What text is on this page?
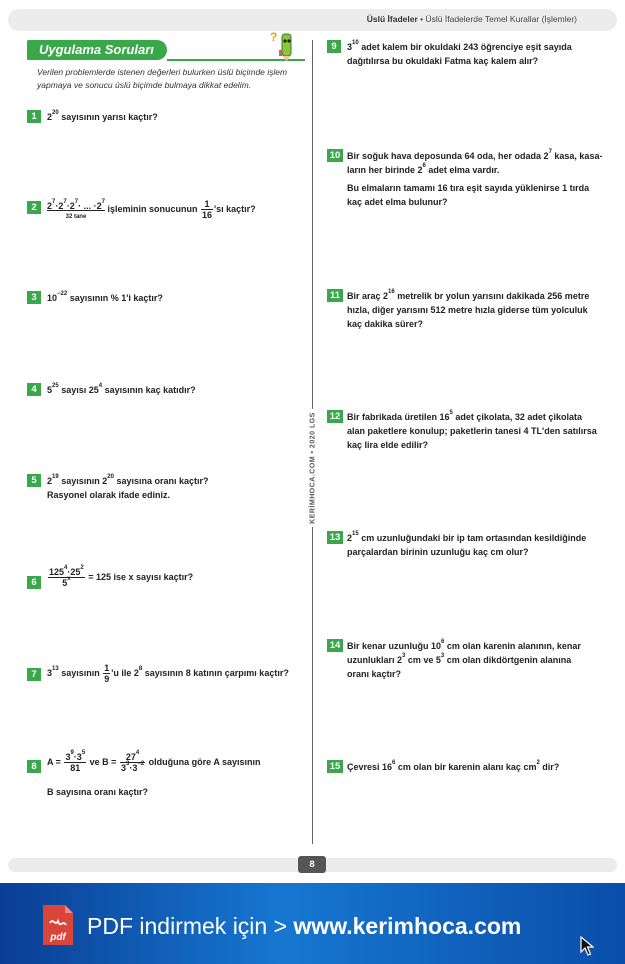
Üslü İfadeler • Üslü İfadelerde Temel Kurallar (İşlemler)
Uygulama Soruları
?
Verilen problemlerde istenen değerleri bulurken üslü biçimde işlem yapmaya ve sonucu üslü biçimde bulmaya dikkat edelim.
KERİMHOCA.COM • 2020 LGS
1	$2^{20}$ sayısının yarısı kaçtır?
2	$2^7\cdot 2^7\cdot 2^7\cdot$ ... $\cdot 2^7$
32 tane
işleminin sonucunun $\frac{1}{16}$ 'sı kaçtır?
3	$10^{-22}$ sayısının % 1'i kaçtır?
4	$5^{25}$ sayısı $25^4$ sayısının kaç katıdır?
5	$2^{19}$ sayısının $2^{20}$ sayısına oranı kaçtır?
Rasyonel olarak ifade ediniz.
6	$\frac{125^4\cdot 25^2}{5^x} = 125$ ise x sayısı kaçtır?
7	$3^{13}$ sayısının $\frac{1}{9}$ 'u ile $2^8$ sayısının 8 katının çarpımı kaçtır?
8	$A = \frac{3^9\cdot 3^5}{81}$ ve $B = \frac{27^4}{3^3\cdot 3^{-2}}$ olduğuna göre A sayısının
B sayısına oranı kaçtır?
9	$3^{10}$ adet kalem bir okuldaki 243 öğrenciye eşit sayıda
dağıtılırsa bu okuldaki Fatma kaç kalem alır?
10 Bir soğuk hava deposunda 64 oda, her odada $2^7$ kasa, kasa-
ların her birinde $2^6$ adet elma vardır.
Bu elmaların tamamı 16 tıra eşit sayıda yüklenirse 1 tırda
kaç adet elma bulunur?
11 Bir araç $2^{16}$ metrelik br yolun yarısını dakikada 256 metre
hızla, diğer yarısını 512 metre hızla giderse tüm yolculuk
kaç dakika sürer?
12 Bir fabrikada üretilen $16^5$ adet çikolata, 32 adet çikolata
alan paketlere konulup; paketlerin tanesi 4 TL'den satılırsa
kaç lira elde edilir?
13 $2^{15}$ cm uzunluğundaki bir ip tam ortasından kesildiğinde
parçalardan birinin uzunluğu kaç cm olur?
14 Bir kenar uzunluğu $10^6$ cm olan karenin alanının, kenar
uzunlukları $2^3$ cm ve $5^3$ cm olan dikdörtgenin alanına
oranı kaçtır?
15 Çevresi $16^6$ cm olan bir karenin alanı kaç $cm^2$ dir?
8
pdf PDF indirmek için > www.kerimhoca.com
